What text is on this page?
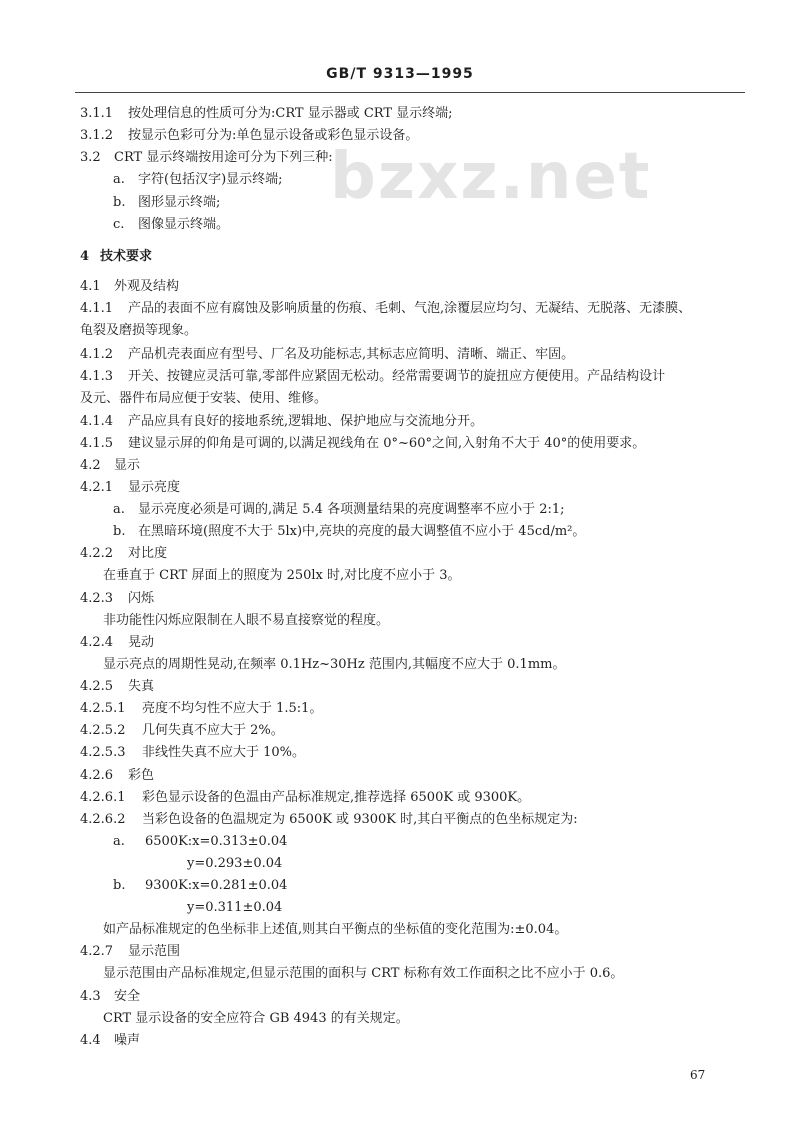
bzxz.net
GB/T 9313—1995
3.1.1 按处理信息的性质可分为:CRT 显示器或 CRT 显示终端;
3.1.2 按显示色彩可分为:单色显示设备或彩色显示设备。
3.2 CRT 显示终端按用途可分为下列三种:
a. 字符(包括汉字)显示终端;
b. 图形显示终端;
c. 图像显示终端。
4 技术要求
4.1 外观及结构
4.1.1 产品的表面不应有腐蚀及影响质量的伤痕、毛刺、气泡,涂覆层应均匀、无凝结、无脱落、无漆膜、
龟裂及磨损等现象。
4.1.2 产品机壳表面应有型号、厂名及功能标志,其标志应简明、清晰、端正、牢固。
4.1.3 开关、按键应灵活可靠,零部件应紧固无松动。经常需要调节的旋扭应方便使用。产品结构设计
及元、器件布局应便于安装、使用、维修。
4.1.4 产品应具有良好的接地系统,逻辑地、保护地应与交流地分开。
4.1.5 建议显示屏的仰角是可调的,以满足视线角在 0°~60°之间,入射角不大于 40°的使用要求。
4.2 显示
4.2.1 显示亮度
a. 显示亮度必须是可调的,满足 5.4 各项测量结果的亮度调整率不应小于 2:1;
b. 在黑暗环境(照度不大于 5lx)中,亮块的亮度的最大调整值不应小于 45cd/m²。
4.2.2 对比度
在垂直于 CRT 屏面上的照度为 250lx 时,对比度不应小于 3。
4.2.3 闪烁
非功能性闪烁应限制在人眼不易直接察觉的程度。
4.2.4 晃动
显示亮点的周期性晃动,在频率 0.1Hz~30Hz 范围内,其幅度不应大于 0.1mm。
4.2.5 失真
4.2.5.1 亮度不均匀性不应大于 1.5:1。
4.2.5.2 几何失真不应大于 2%。
4.2.5.3 非线性失真不应大于 10%。
4.2.6 彩色
4.2.6.1 彩色显示设备的色温由产品标准规定,推荐选择 6500K 或 9300K。
4.2.6.2 当彩色设备的色温规定为 6500K 或 9300K 时,其白平衡点的色坐标规定为:
a. 6500K:x=0.313±0.04
y=0.293±0.04
b. 9300K:x=0.281±0.04
y=0.311±0.04
如产品标准规定的色坐标非上述值,则其白平衡点的坐标值的变化范围为:±0.04。
4.2.7 显示范围
显示范围由产品标准规定,但显示范围的面积与 CRT 标称有效工作面积之比不应小于 0.6。
4.3 安全
CRT 显示设备的安全应符合 GB 4943 的有关规定。
4.4 噪声
67
